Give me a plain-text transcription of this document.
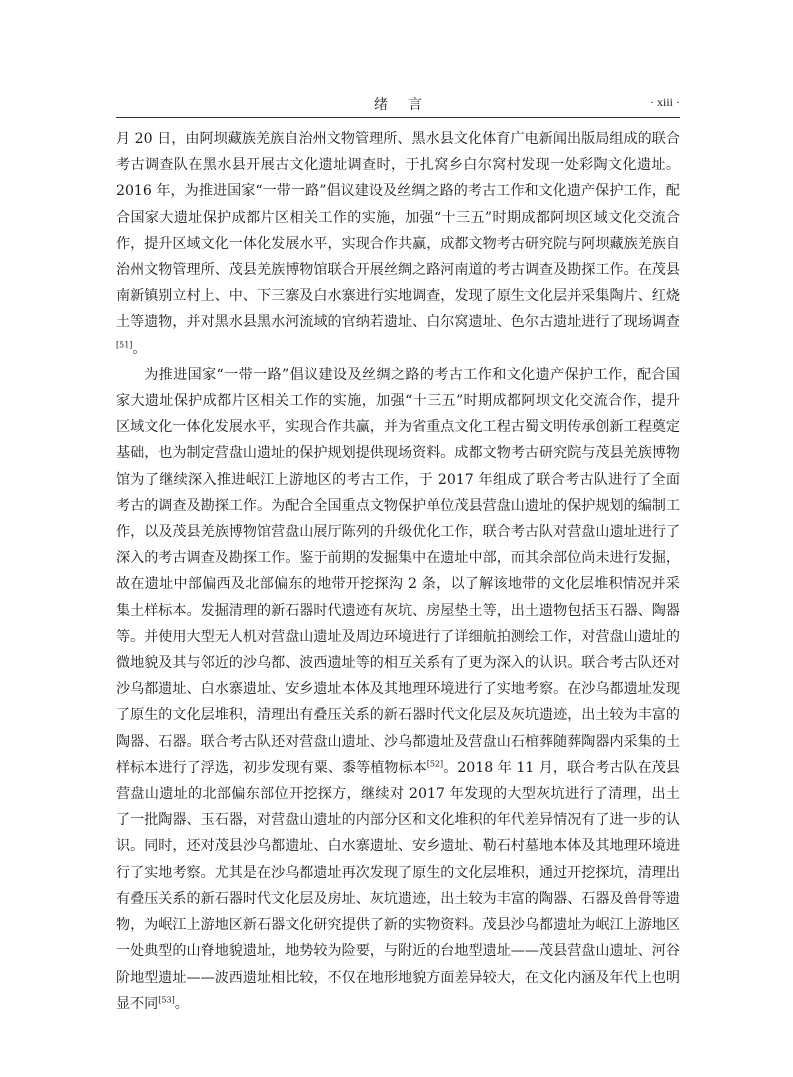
绪言	· xiii ·

月 20 日，由阿坝藏族羌族自治州文物管理所、黑水县文化体育广电新闻出版局组成的联合考古调查队在黑水县开展古文化遗址调查时，于扎窝乡白尔窝村发现一处彩陶文化遗址。2016 年，为推进国家“一带一路”倡议建设及丝绸之路的考古工作和文化遗产保护工作，配合国家大遗址保护成都片区相关工作的实施，加强“十三五”时期成都阿坝区域文化交流合作，提升区域文化一体化发展水平，实现合作共赢，成都文物考古研究院与阿坝藏族羌族自治州文物管理所、茂县羌族博物馆联合开展丝绸之路河南道的考古调查及勘探工作。在茂县南新镇别立村上、中、下三寨及白水寨进行实地调查，发现了原生文化层并采集陶片、红烧土等遗物，并对黑水县黑水河流域的官纳若遗址、白尔窝遗址、色尔古遗址进行了现场调查[51]。

为推进国家“一带一路”倡议建设及丝绸之路的考古工作和文化遗产保护工作，配合国家大遗址保护成都片区相关工作的实施，加强“十三五”时期成都阿坝文化交流合作，提升区域文化一体化发展水平，实现合作共赢，并为省重点文化工程古蜀文明传承创新工程奠定基础，也为制定营盘山遗址的保护规划提供现场资料。成都文物考古研究院与茂县羌族博物馆为了继续深入推进岷江上游地区的考古工作，于 2017 年组成了联合考古队进行了全面考古的调查及勘探工作。为配合全国重点文物保护单位茂县营盘山遗址的保护规划的编制工作，以及茂县羌族博物馆营盘山展厅陈列的升级优化工作，联合考古队对营盘山遗址进行了深入的考古调查及勘探工作。鉴于前期的发掘集中在遗址中部，而其余部位尚未进行发掘，故在遗址中部偏西及北部偏东的地带开挖探沟 2 条，以了解该地带的文化层堆积情况并采集土样标本。发掘清理的新石器时代遗迹有灰坑、房屋垫土等，出土遗物包括玉石器、陶器等。并使用大型无人机对营盘山遗址及周边环境进行了详细航拍测绘工作，对营盘山遗址的微地貌及其与邻近的沙乌都、波西遗址等的相互关系有了更为深入的认识。联合考古队还对沙乌都遗址、白水寨遗址、安乡遗址本体及其地理环境进行了实地考察。在沙乌都遗址发现了原生的文化层堆积，清理出有叠压关系的新石器时代文化层及灰坑遗迹，出土较为丰富的陶器、石器。联合考古队还对营盘山遗址、沙乌都遗址及营盘山石棺葬随葬陶器内采集的土样标本进行了浮选，初步发现有粟、黍等植物标本[52]。2018 年 11 月，联合考古队在茂县营盘山遗址的北部偏东部位开挖探方，继续对 2017 年发现的大型灰坑进行了清理，出土了一批陶器、玉石器，对营盘山遗址的内部分区和文化堆积的年代差异情况有了进一步的认识。同时，还对茂县沙乌都遗址、白水寨遗址、安乡遗址、勒石村墓地本体及其地理环境进行了实地考察。尤其是在沙乌都遗址再次发现了原生的文化层堆积，通过开挖探坑，清理出有叠压关系的新石器时代文化层及房址、灰坑遗迹，出土较为丰富的陶器、石器及兽骨等遗物，为岷江上游地区新石器文化研究提供了新的实物资料。茂县沙乌都遗址为岷江上游地区一处典型的山脊地貌遗址，地势较为险要，与附近的台地型遗址——茂县营盘山遗址、河谷阶地型遗址——波西遗址相比较，不仅在地形地貌方面差异较大，在文化内涵及年代上也明显不同[53]。
